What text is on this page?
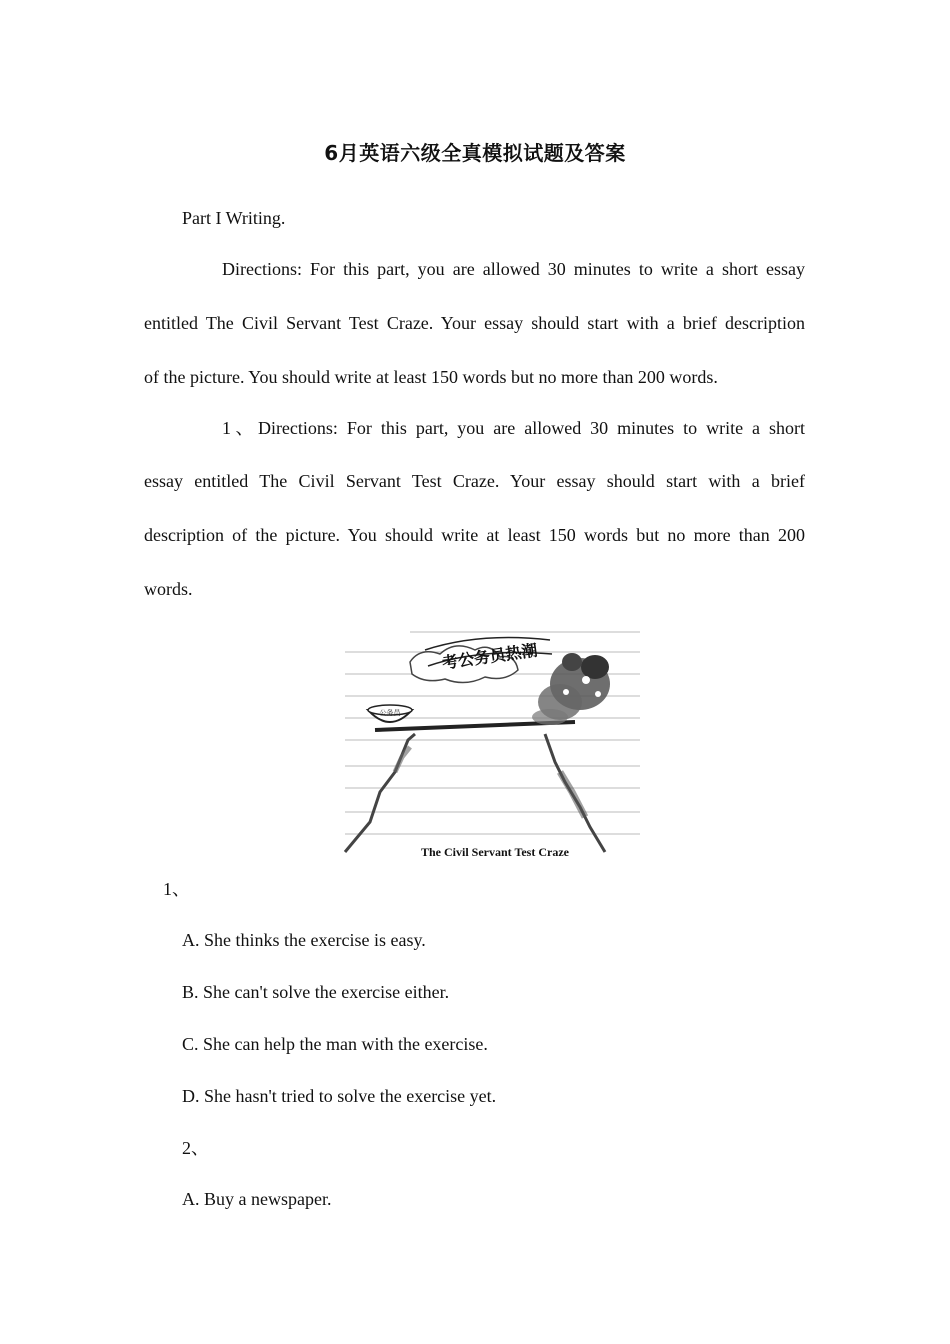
6月英语六级全真模拟试题及答案
Part I Writing.
Directions: For this part, you are allowed 30 minutes to write a short essay
entitled The Civil Servant Test Craze. Your essay should start with a brief description
of the picture. You should write at least 150 words but no more than 200 words.
1、Directions: For this part, you are allowed 30 minutes to write a short
essay entitled The Civil Servant Test Craze. Your essay should start with a brief
description of the picture. You should write at least 150 words but no more than 200
words.
公务员
考公务员热潮
The Civil Servant Test Craze
1、
A. She thinks the exercise is easy.
B. She can't solve the exercise either.
C. She can help the man with the exercise.
D. She hasn't tried to solve the exercise yet.
2、
A. Buy a newspaper.
